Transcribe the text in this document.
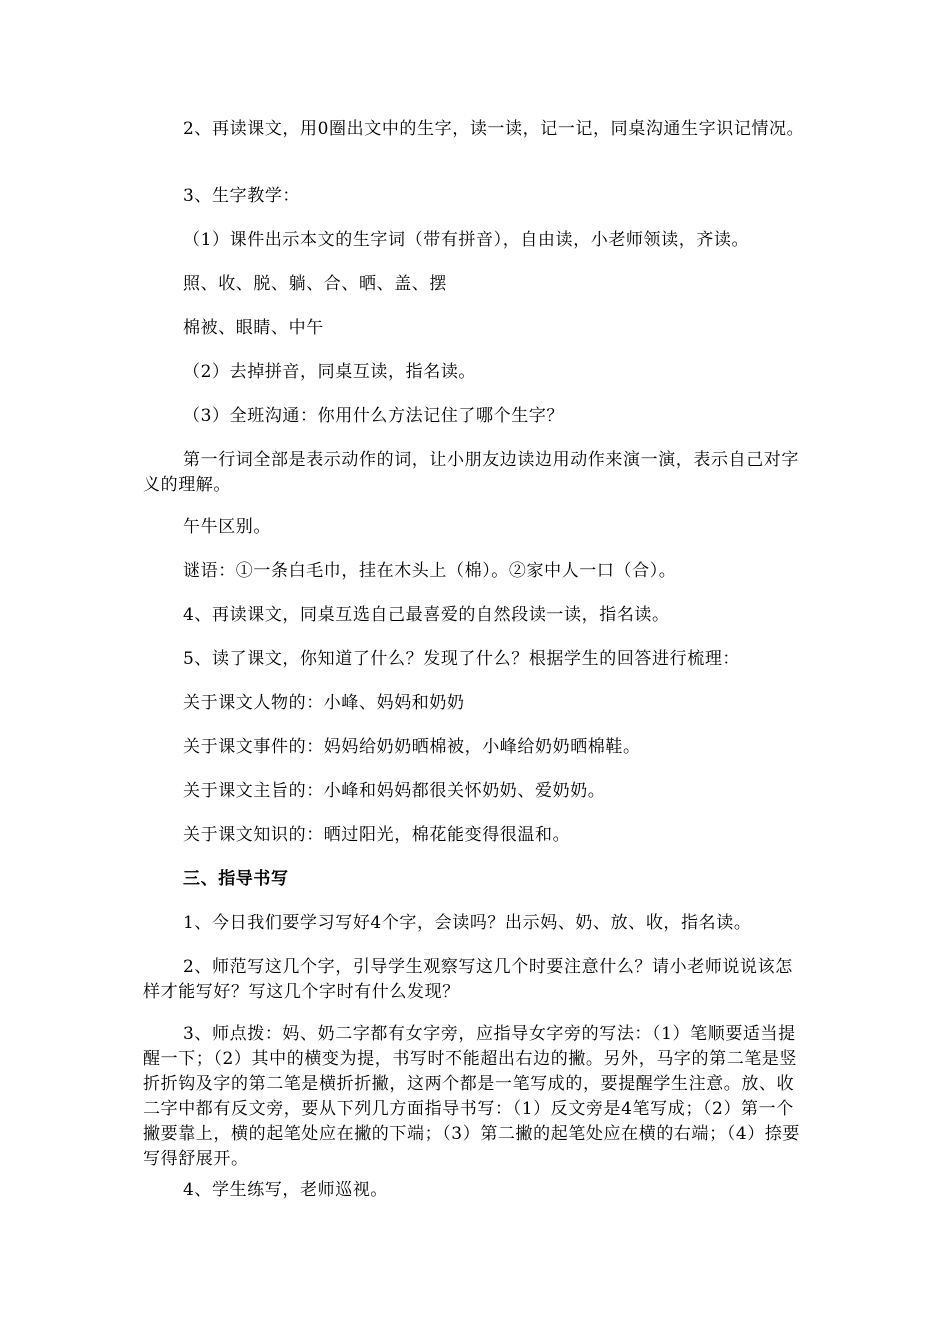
2、再读课文，用0圈出文中的生字，读一读，记一记，同桌沟通生字识记情况。

3、生字教学：

（1）课件出示本文的生字词（带有拼音），自由读，小老师领读，齐读。

照、收、脱、躺、合、晒、盖、摆

棉被、眼睛、中午

（2）去掉拼音，同桌互读，指名读。

（3）全班沟通：你用什么方法记住了哪个生字？

第一行词全部是表示动作的词，让小朋友边读边用动作来演一演，表示自己对字义的理解。

午牛区别。

谜语：①一条白毛巾，挂在木头上（棉）。②家中人一口（合）。

4、再读课文，同桌互选自己最喜爱的自然段读一读，指名读。

5、读了课文，你知道了什么？发现了什么？根据学生的回答进行梳理：

关于课文人物的：小峰、妈妈和奶奶

关于课文事件的：妈妈给奶奶晒棉被，小峰给奶奶晒棉鞋。

关于课文主旨的：小峰和妈妈都很关怀奶奶、爱奶奶。

关于课文知识的：晒过阳光，棉花能变得很温和。

三、指导书写

1、今日我们要学习写好4个字，会读吗？出示妈、奶、放、收，指名读。

2、师范写这几个字，引导学生观察写这几个时要注意什么？请小老师说说该怎样才能写好？写这几个字时有什么发现？

3、师点拨：妈、奶二字都有女字旁，应指导女字旁的写法：（1）笔顺要适当提醒一下；（2）其中的横变为提，书写时不能超出右边的撇。另外，马字的第二笔是竖折折钩及字的第二笔是横折折撇，这两个都是一笔写成的，要提醒学生注意。放、收二字中都有反文旁，要从下列几方面指导书写：（1）反文旁是4笔写成；（2）第一个撇要靠上，横的起笔处应在撇的下端；（3）第二撇的起笔处应在横的右端；（4）捺要写得舒展开。

4、学生练写，老师巡视。
